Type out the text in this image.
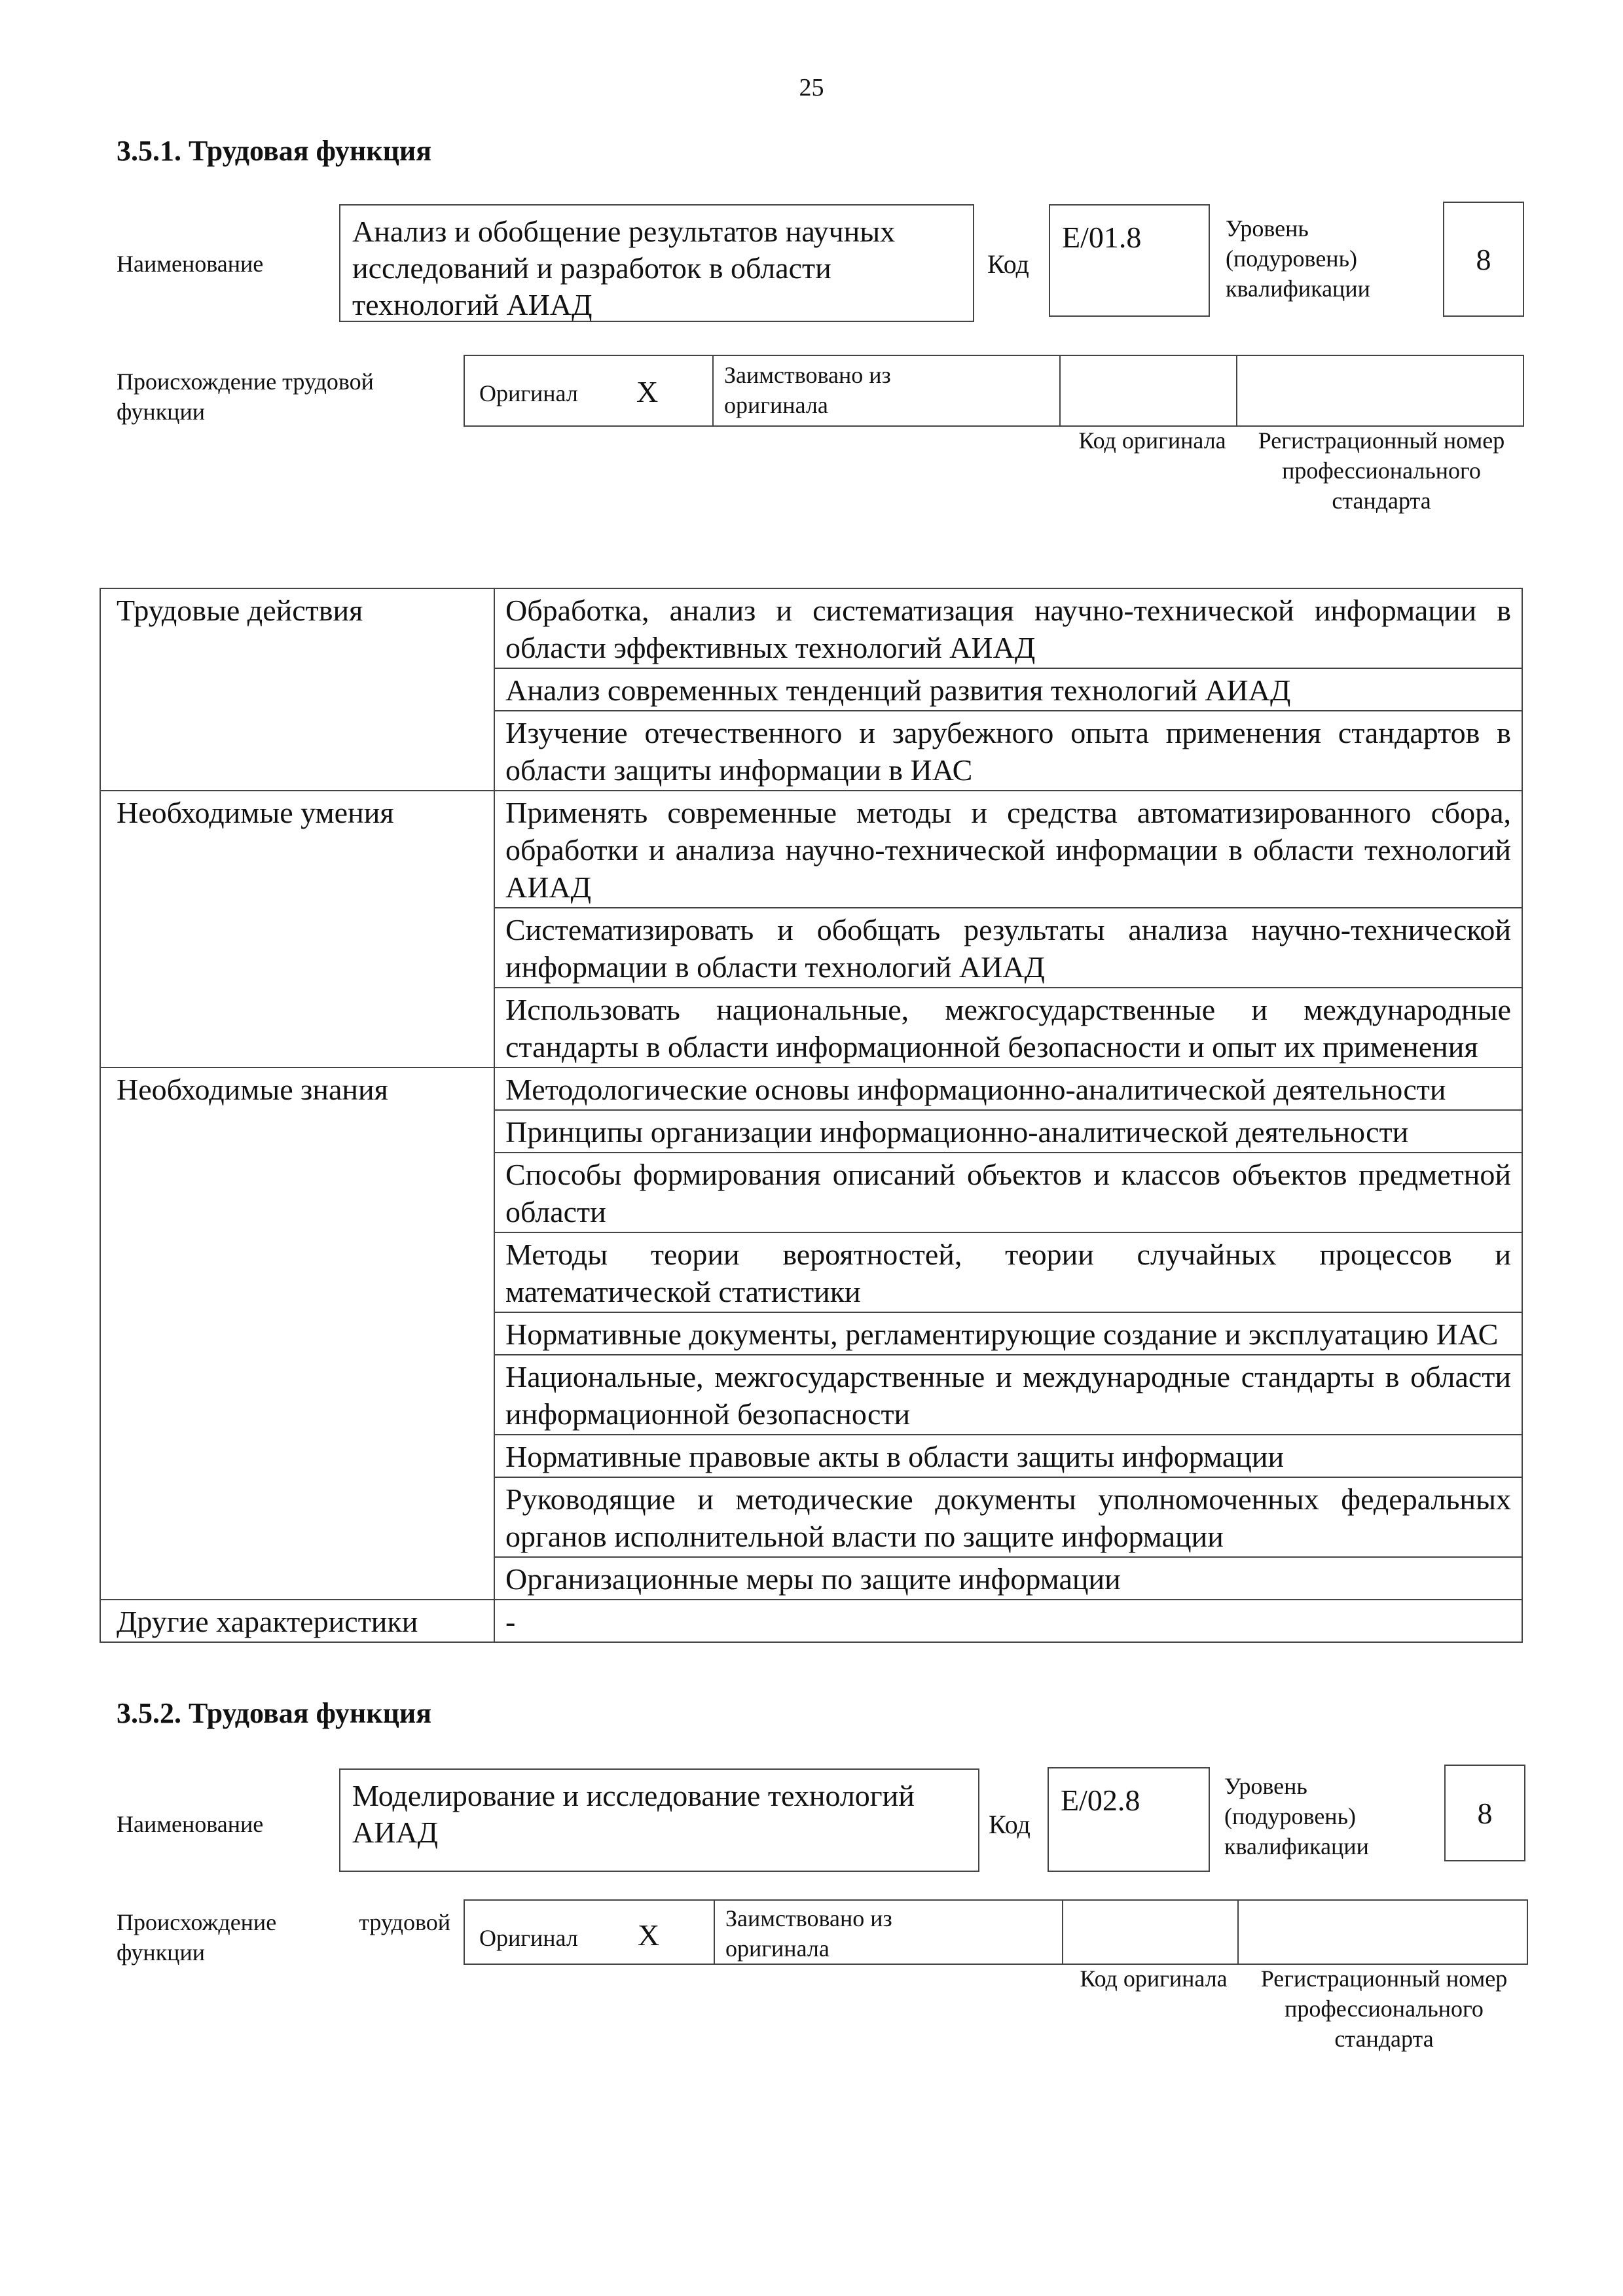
25
3.5.1. Трудовая функция
Наименование
Анализ и обобщение результатов научных исследований и разработок в области технологий АИАД
Код
Е/01.8	Уровень (подуровень) квалификации
8
Происхождение трудовой функции
Оригинал X	Заимствовано из оригинала
Код оригинала	Регистрационный номер профессионального стандарта
Трудовые действия	Обработка, анализ и систематизация научно-технической информации в области эффективных технологий АИАД
	Анализ современных тенденций развития технологий АИАД
	Изучение отечественного и зарубежного опыта применения стандартов в области защиты информации в ИАС
Необходимые умения	Применять современные методы и средства автоматизированного сбора, обработки и анализа научно-технической информации в области технологий АИАД
	Систематизировать и обобщать результаты анализа научно-технической информации в области технологий АИАД
	Использовать национальные, межгосударственные и международные стандарты в области информационной безопасности и опыт их применения
Необходимые знания	Методологические основы информационно-аналитической деятельности
	Принципы организации информационно-аналитической деятельности
	Способы формирования описаний объектов и классов объектов предметной области
	Методы теории вероятностей, теории случайных процессов и математической статистики
	Нормативные документы, регламентирующие создание и эксплуатацию ИАС
	Национальные, межгосударственные и международные стандарты в области информационной безопасности
	Нормативные правовые акты в области защиты информации
	Руководящие и методические документы уполномоченных федеральных органов исполнительной власти по защите информации
	Организационные меры по защите информации
Другие характеристики	-
3.5.2. Трудовая функция
Наименование
Моделирование и исследование технологий АИАД	Код
Е/02.8	Уровень (подуровень) квалификации
8
Происхождение трудовой функции
Оригинал X	Заимствовано из оригинала
Код оригинала	Регистрационный номер профессионального стандарта
